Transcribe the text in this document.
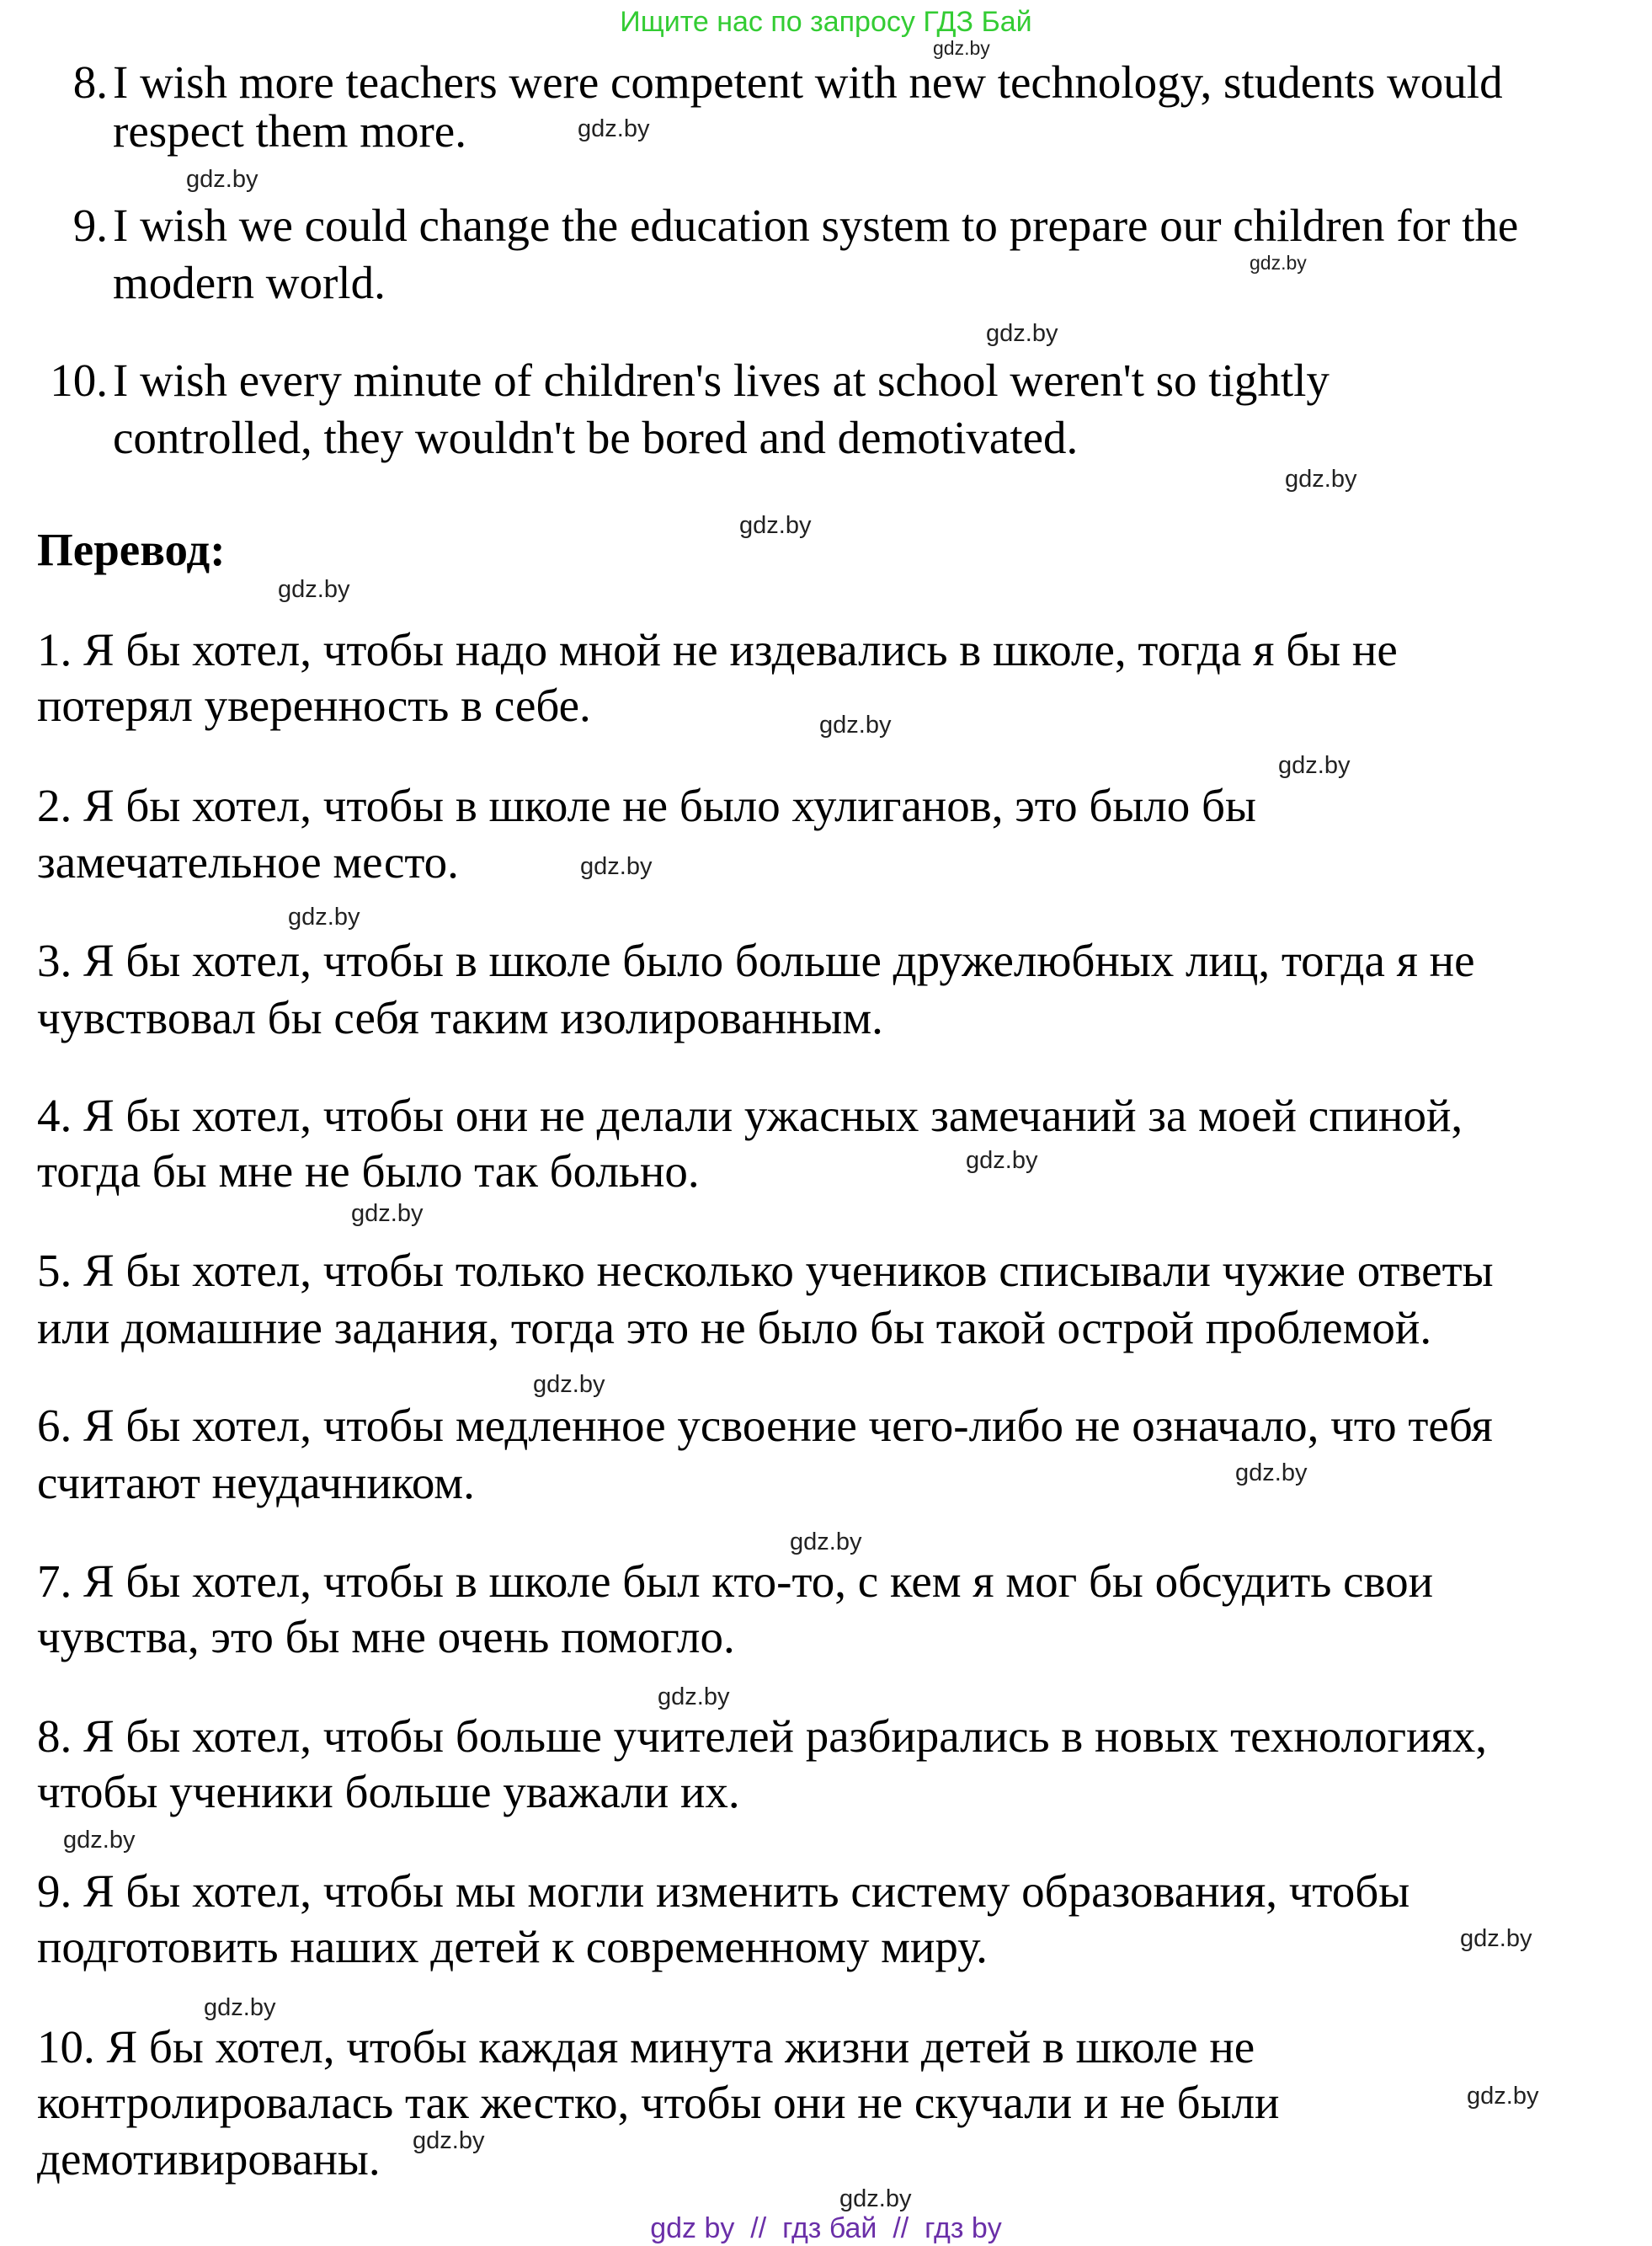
Ищите нас по запросу ГДЗ Бай
8. I wish more teachers were competent with new technology, students would
respect them more.
9. I wish we could change the education system to prepare our children for the
modern world.
10. I wish every minute of children's lives at school weren't so tightly
controlled, they wouldn't be bored and demotivated.
Перевод:
1. Я бы хотел, чтобы надо мной не издевались в школе, тогда я бы не
потерял уверенность в себе.
2. Я бы хотел, чтобы в школе не было хулиганов, это было бы
замечательное место.
3. Я бы хотел, чтобы в школе было больше дружелюбных лиц, тогда я не
чувствовал бы себя таким изолированным.
4. Я бы хотел, чтобы они не делали ужасных замечаний за моей спиной,
тогда бы мне не было так больно.
5. Я бы хотел, чтобы только несколько учеников списывали чужие ответы
или домашние задания, тогда это не было бы такой острой проблемой.
6. Я бы хотел, чтобы медленное усвоение чего-либо не означало, что тебя
считают неудачником.
7. Я бы хотел, чтобы в школе был кто-то, с кем я мог бы обсудить свои
чувства, это бы мне очень помогло.
8. Я бы хотел, чтобы больше учителей разбирались в новых технологиях,
чтобы ученики больше уважали их.
9. Я бы хотел, чтобы мы могли изменить систему образования, чтобы
подготовить наших детей к современному миру.
10. Я бы хотел, чтобы каждая минута жизни детей в школе не
контролировалась так жестко, чтобы они не скучали и не были
демотивированы.
gdz.by
gdz.by
gdz.by
gdz.by
gdz.by
gdz.by
gdz.by
gdz.by
gdz.by
gdz.by
gdz.by
gdz.by
gdz.by
gdz.by
gdz.by
gdz.by
gdz.by
gdz.by
gdz.by
gdz.by
gdz.by
gdz.by
gdz.by
gdz.by
gdz by  //  гдз бай  //  гдз by
